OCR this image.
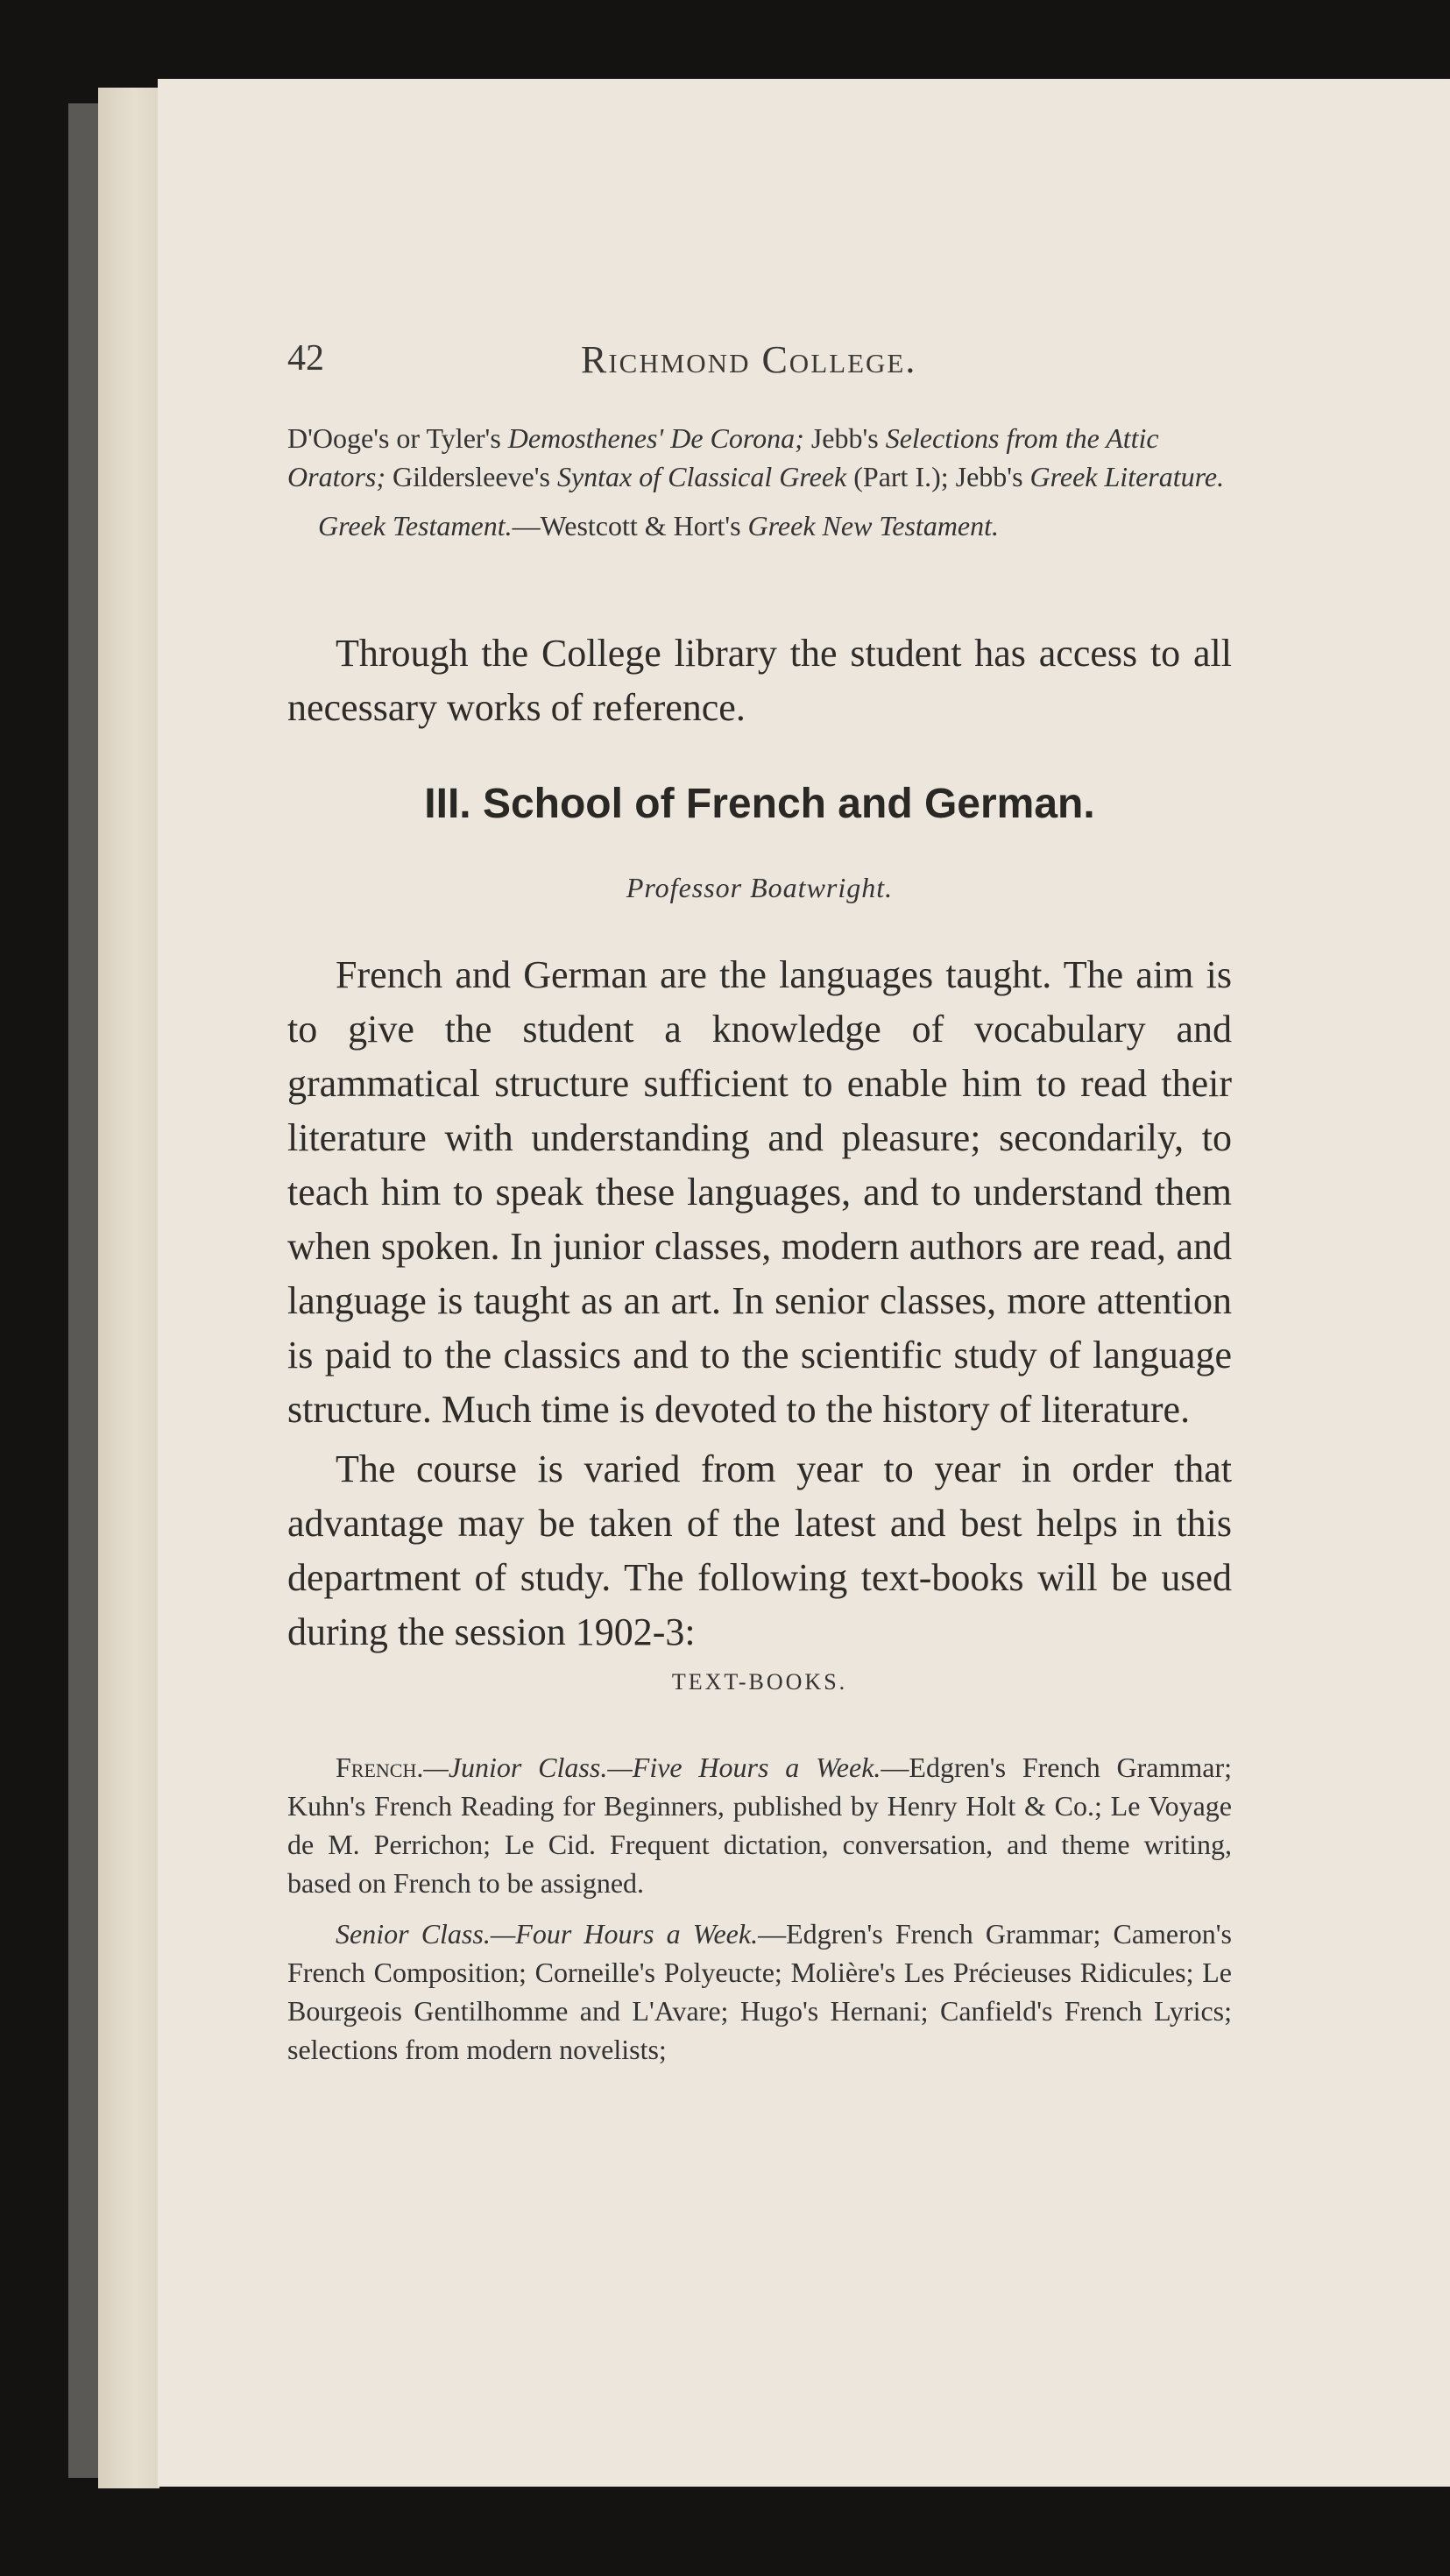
42	Richmond College.

D'Ooge's or Tyler's Demosthenes' De Corona; Jebb's Selections from the Attic Orators; Gildersleeve's Syntax of Classical Greek (Part I.); Jebb's Greek Literature.

Greek Testament.—Westcott & Hort's Greek New Testament.

Through the College library the student has access to all necessary works of reference.

III. School of French and German.
Professor Boatwright.

French and German are the languages taught. The aim is to give the student a knowledge of vocabulary and grammatical structure sufficient to enable him to read their literature with understanding and pleasure; secondarily, to teach him to speak these languages, and to understand them when spoken. In junior classes, modern authors are read, and language is taught as an art. In senior classes, more attention is paid to the classics and to the scientific study of language structure. Much time is devoted to the history of literature.

The course is varied from year to year in order that advantage may be taken of the latest and best helps in this department of study. The following text-books will be used during the session 1902-3:

TEXT-BOOKS.

French.—Junior Class.—Five Hours a Week.—Edgren's French Grammar; Kuhn's French Reading for Beginners, published by Henry Holt & Co.; Le Voyage de M. Perrichon; Le Cid. Frequent dictation, conversation, and theme writing, based on French to be assigned.

Senior Class.—Four Hours a Week.—Edgren's French Grammar; Cameron's French Composition; Corneille's Polyeucte; Molière's Les Précieuses Ridicules; Le Bourgeois Gentilhomme and L'Avare; Hugo's Hernani; Canfield's French Lyrics; selections from modern novelists;
